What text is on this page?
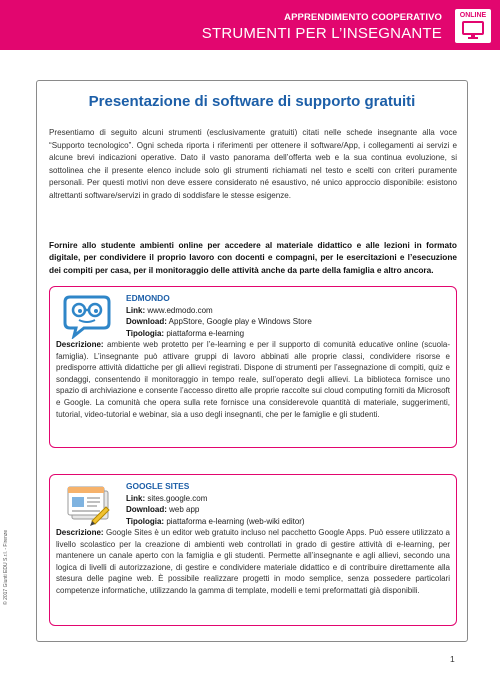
APPRENDIMENTO COOPERATIVO
STRUMENTI PER L’INSEGNANTE
ONLINE
Presentazione di software di supporto gratuiti

Presentiamo di seguito alcuni strumenti (esclusivamente gratuiti) citati nelle schede insegnante alla voce “Supporto tecnologico”. Ogni scheda riporta i riferimenti per ottenere il software/App, i collegamenti ai servizi e alcune brevi indicazioni operative. Dato il vasto panorama dell’offerta web e la sua continua evoluzione, si sottolinea che il presente elenco include solo gli strumenti richiamati nel testo e scelti con criteri puramente personali. Per questi motivi non deve essere considerato né esaustivo, né unico approccio disponibile: esistono altrettanti software/servizi in grado di soddisfare le stesse esigenze.

Fornire allo studente ambienti online per accedere al materiale didattico e alle lezioni in formato digitale, per condividere il proprio lavoro con docenti e compagni, per le esercitazioni e l’esecuzione dei compiti per casa, per il monitoraggio delle attività anche da parte della famiglia e altro ancora.

EDMONDO
Link: www.edmodo.com
Download: AppStore, Google play e Windows Store
Tipologia: piattaforma e-learning

Descrizione: ambiente web protetto per l’e-learning e per il supporto di comunità educative online (scuola-famiglia). L’insegnante può attivare gruppi di lavoro abbinati alle proprie classi, condividere risorse e predisporre attività didattiche per gli allievi registrati. Dispone di strumenti per l’assegnazione di compiti, quiz e sondaggi, consentendo il monitoraggio in tempo reale, sull’operato degli allievi. La biblioteca fornisce uno spazio di archiviazione e consente l’accesso diretto alle proprie raccolte sui cloud computing forniti da Microsoft e Google. La comunità che opera sulla rete fornisce una considerevole quantità di materiale, suggerimenti, tutorial, video-tutorial e webinar, sia a uso degli insegnanti, che per le famiglie e gli studenti.

GOOGLE SITES
Link: sites.google.com
Download: web app
Tipologia: piattaforma e-learning (web-wiki editor)

Descrizione: Google Sites è un editor web gratuito incluso nel pacchetto Google Apps. Può essere utilizzato a livello scolastico per la creazione di ambienti web controllati in grado di gestire attività di e-learning, per mantenere un canale aperto con la famiglia e gli studenti. Permette all’insegnante e agli allievi, secondo una logica di livelli di autorizzazione, di gestire e condividere materiale didattico e di contribuire direttamente alla stesura delle pagine web. È possibile realizzare progetti in modo semplice, senza possedere particolari competenze informatiche, utilizzando la gamma di template, modelli e temi preformattati già disponibili.

© 2017 Giunti EDU S.r.l. - Firenze
1
